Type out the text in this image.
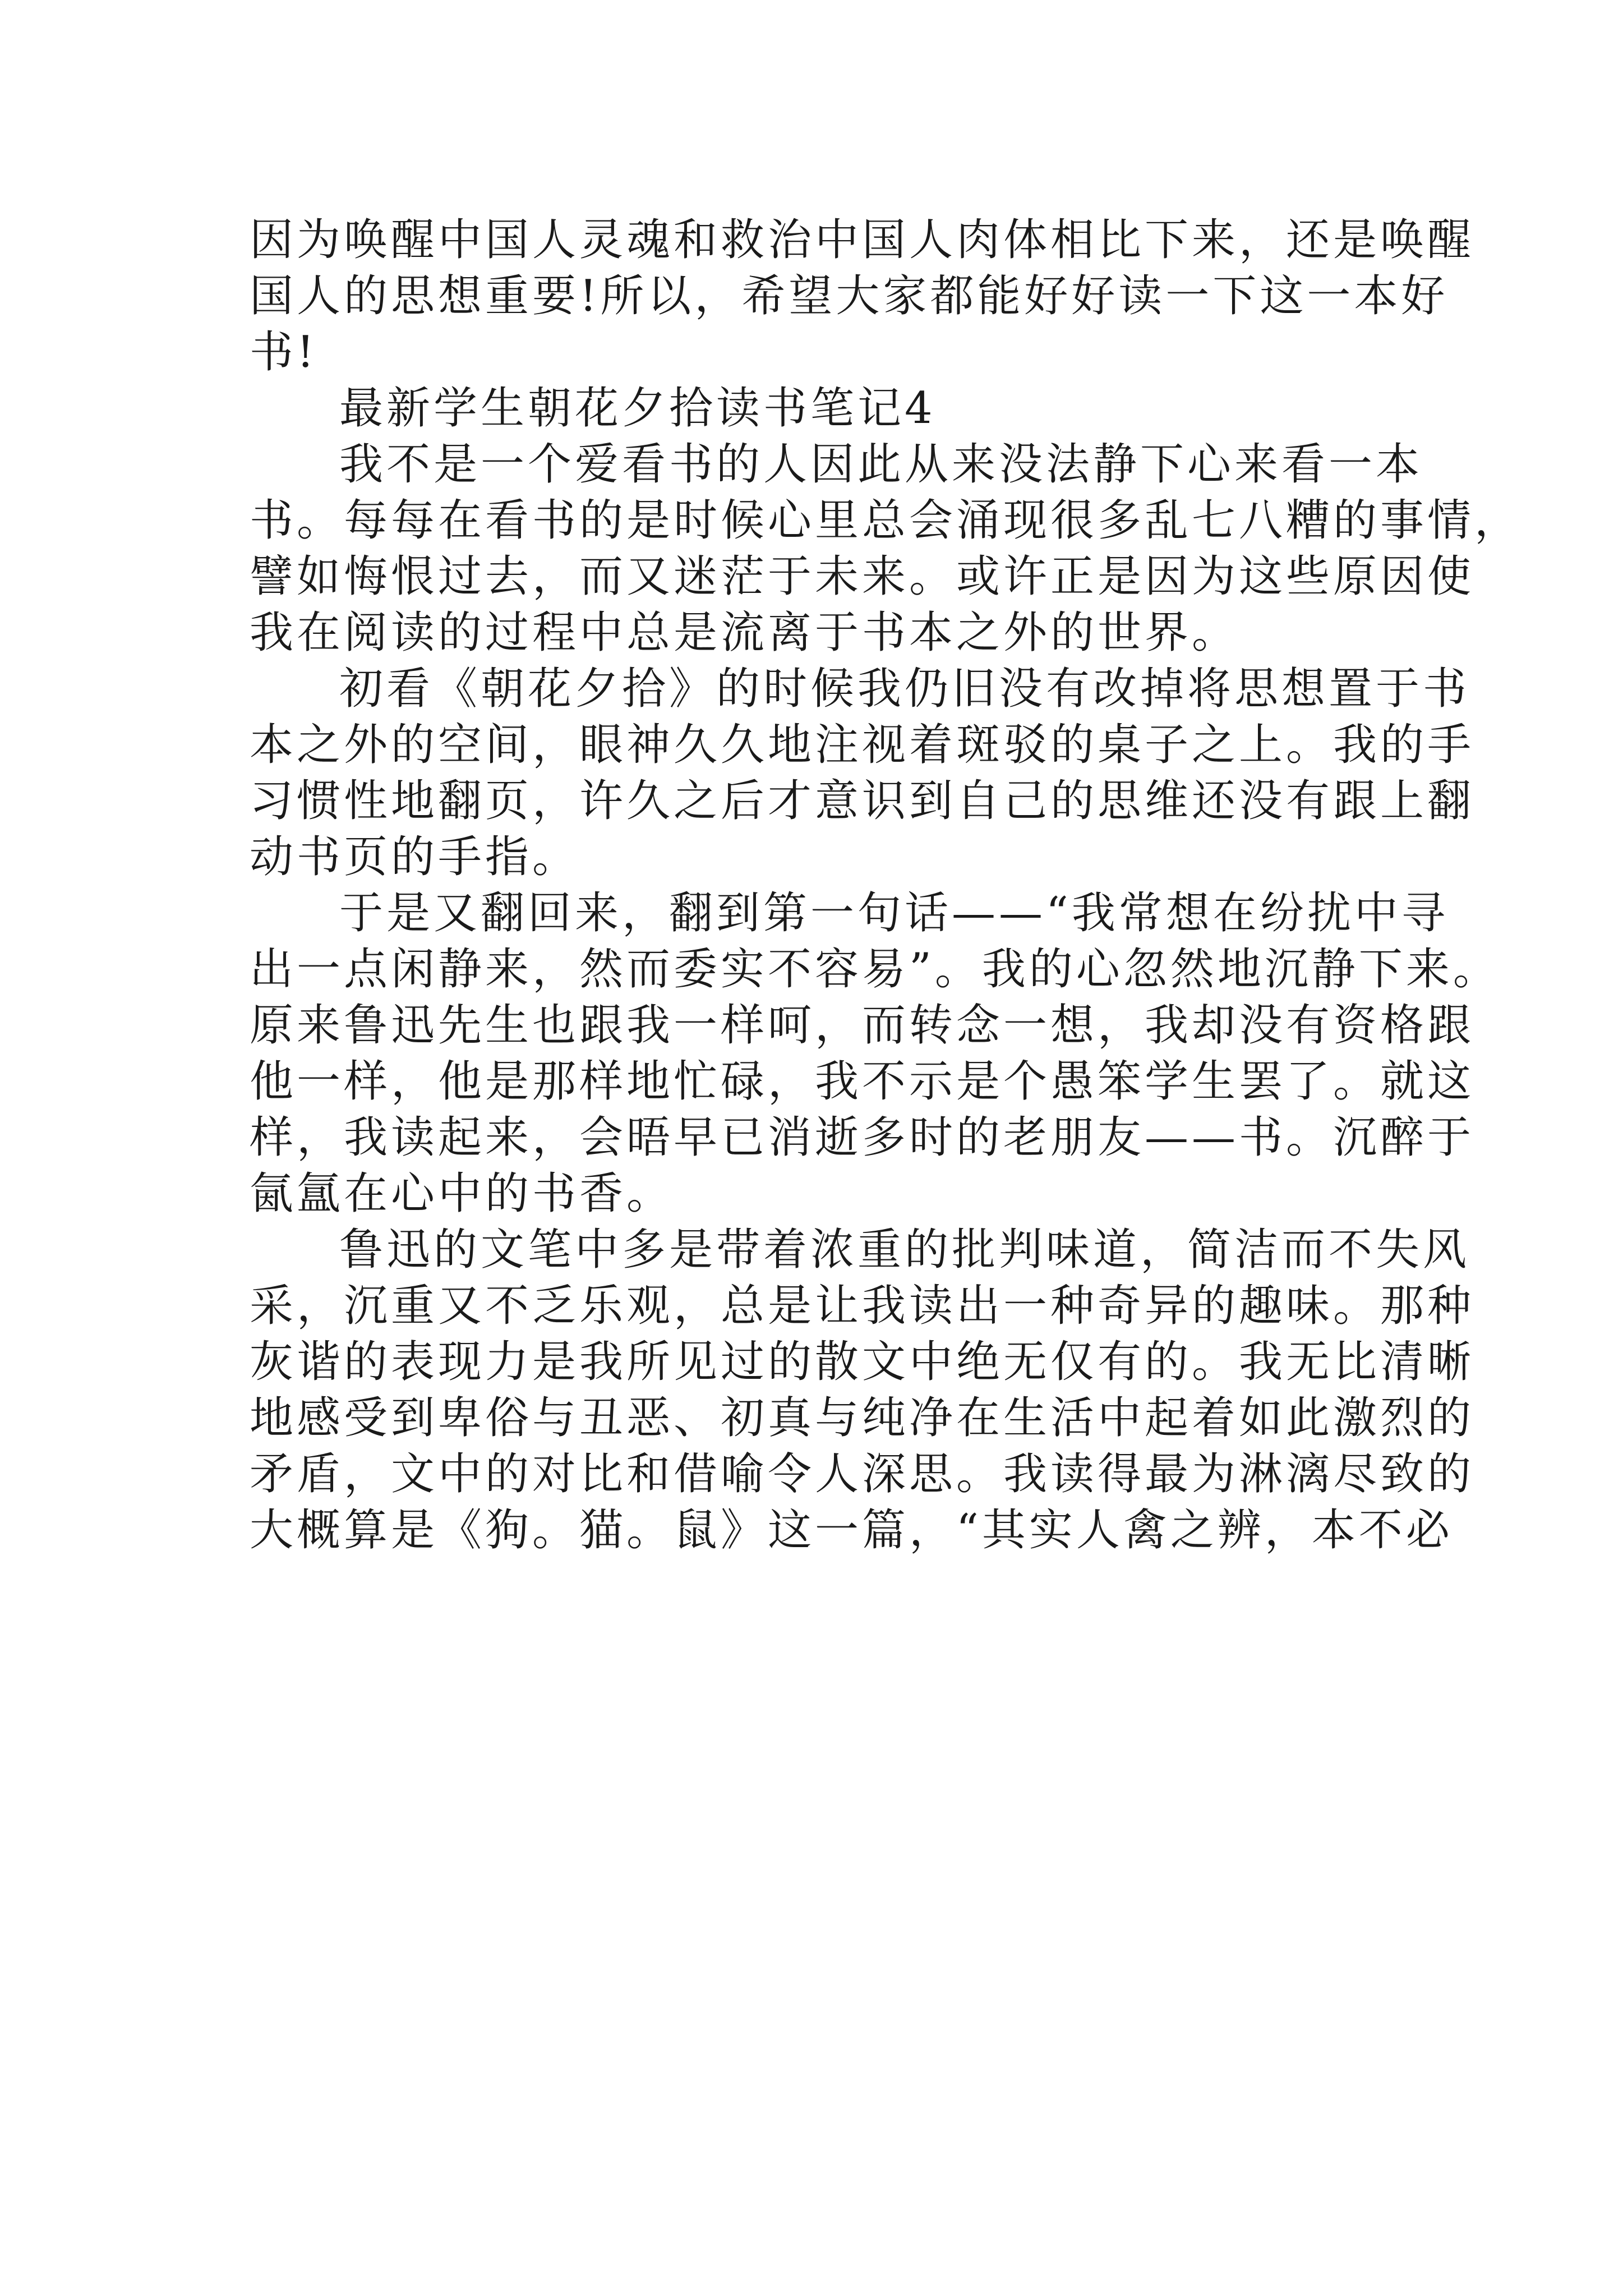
因为唤醒中国人灵魂和救治中国人肉体相比下来，还是唤醒
国人的思想重要!所以，希望大家都能好好读一下这一本好
书!
最新学生朝花夕拾读书笔记4
我不是一个爱看书的人因此从来没法静下心来看一本
书。每每在看书的是时候心里总会涌现很多乱七八糟的事情，
譬如悔恨过去，而又迷茫于未来。或许正是因为这些原因使
我在阅读的过程中总是流离于书本之外的世界。
初看《朝花夕拾》的时候我仍旧没有改掉将思想置于书
本之外的空间，眼神久久地注视着斑驳的桌子之上。我的手
习惯性地翻页，许久之后才意识到自己的思维还没有跟上翻
动书页的手指。
于是又翻回来，翻到第一句话——“我常想在纷扰中寻
出一点闲静来，然而委实不容易”。我的心忽然地沉静下来。
原来鲁迅先生也跟我一样呵，而转念一想，我却没有资格跟
他一样，他是那样地忙碌，我不示是个愚笨学生罢了。就这
样，我读起来，会晤早已消逝多时的老朋友——书。沉醉于
氤氲在心中的书香。
鲁迅的文笔中多是带着浓重的批判味道，简洁而不失风
采，沉重又不乏乐观，总是让我读出一种奇异的趣味。那种
灰谐的表现力是我所见过的散文中绝无仅有的。我无比清晰
地感受到卑俗与丑恶、初真与纯净在生活中起着如此激烈的
矛盾，文中的对比和借喻令人深思。我读得最为淋漓尽致的
大概算是《狗。猫。鼠》这一篇，“其实人禽之辨，本不必
